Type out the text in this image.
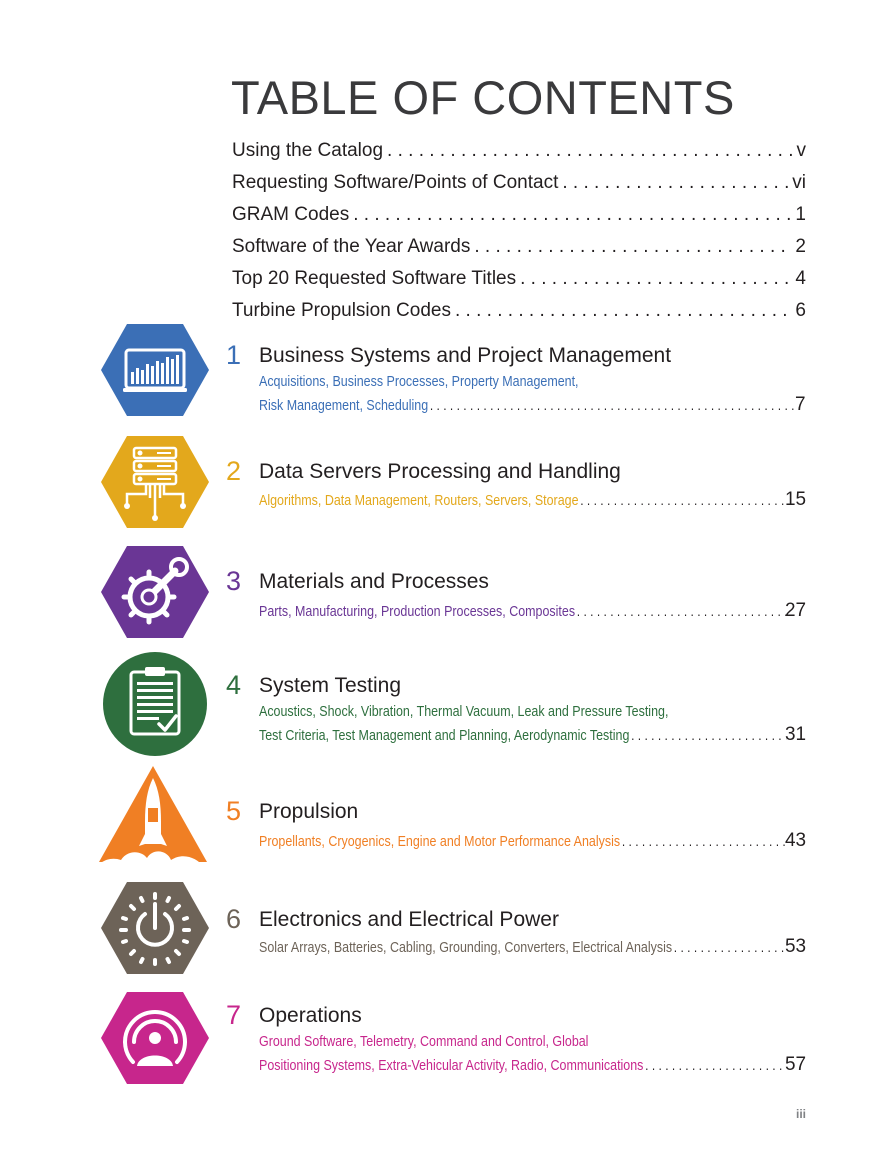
TABLE OF CONTENTS
Using the Catalog . . .	v
Requesting Software/Points of Contact . . .	vi
GRAM Codes . . .	1
Software of the Year Awards . . .	2
Top 20 Requested Software Titles . . .	4
Turbine Propulsion Codes . . .	6
1 Business Systems and Project Management
Acquisitions, Business Processes, Property Management,
Risk Management, Scheduling . . .	7
2 Data Servers Processing and Handling
Algorithms, Data Management, Routers, Servers, Storage . . .	15
3 Materials and Processes
Parts, Manufacturing, Production Processes, Composites . . .	27
4 System Testing
Acoustics, Shock, Vibration, Thermal Vacuum, Leak and Pressure Testing,
Test Criteria, Test Management and Planning, Aerodynamic Testing . . .	31
5 Propulsion
Propellants, Cryogenics, Engine and Motor Performance Analysis . . .	43
6 Electronics and Electrical Power
Solar Arrays, Batteries, Cabling, Grounding, Converters, Electrical Analysis . . .	53
7 Operations
Ground Software, Telemetry, Command and Control, Global
Positioning Systems, Extra-Vehicular Activity, Radio, Communications . . .	57
iii
